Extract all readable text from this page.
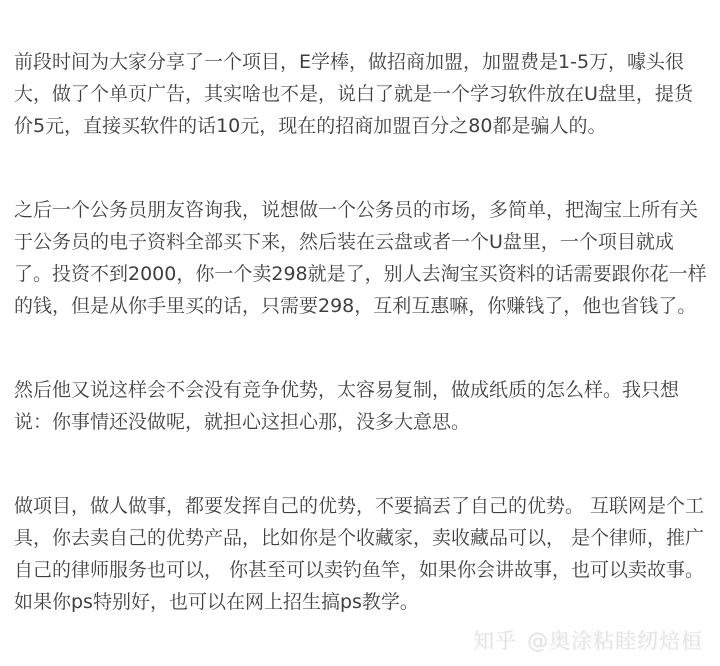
前段时间为大家分享了一个项目，E学棒，做招商加盟，加盟费是1-5万，噱头很大，做了个单页广告，其实啥也不是，说白了就是一个学习软件放在U盘里，提货价5元，直接买软件的话10元，现在的招商加盟百分之80都是骗人的。

之后一个公务员朋友咨询我，说想做一个公务员的市场，多简单，把淘宝上所有关于公务员的电子资料全部买下来，然后装在云盘或者一个U盘里，一个项目就成了。投资不到2000，你一个卖298就是了，别人去淘宝买资料的话需要跟你花一样的钱，但是从你手里买的话，只需要298，互利互惠嘛，你赚钱了，他也省钱了。

然后他又说这样会不会没有竞争优势，太容易复制，做成纸质的怎么样。我只想说：你事情还没做呢，就担心这担心那，没多大意思。

做项目，做人做事，都要发挥自己的优势，不要搞丟了自己的优势。 互联网是个工具，你去卖自己的优势产品，比如你是个收藏家，卖收藏品可以， 是个律师，推广自己的律师服务也可以， 你甚至可以卖钓鱼竿，如果你会讲故事，也可以卖故事。如果你ps特别好，也可以在网上招生搞ps教学。

知乎 @奥涂粘睦纫焙桓
